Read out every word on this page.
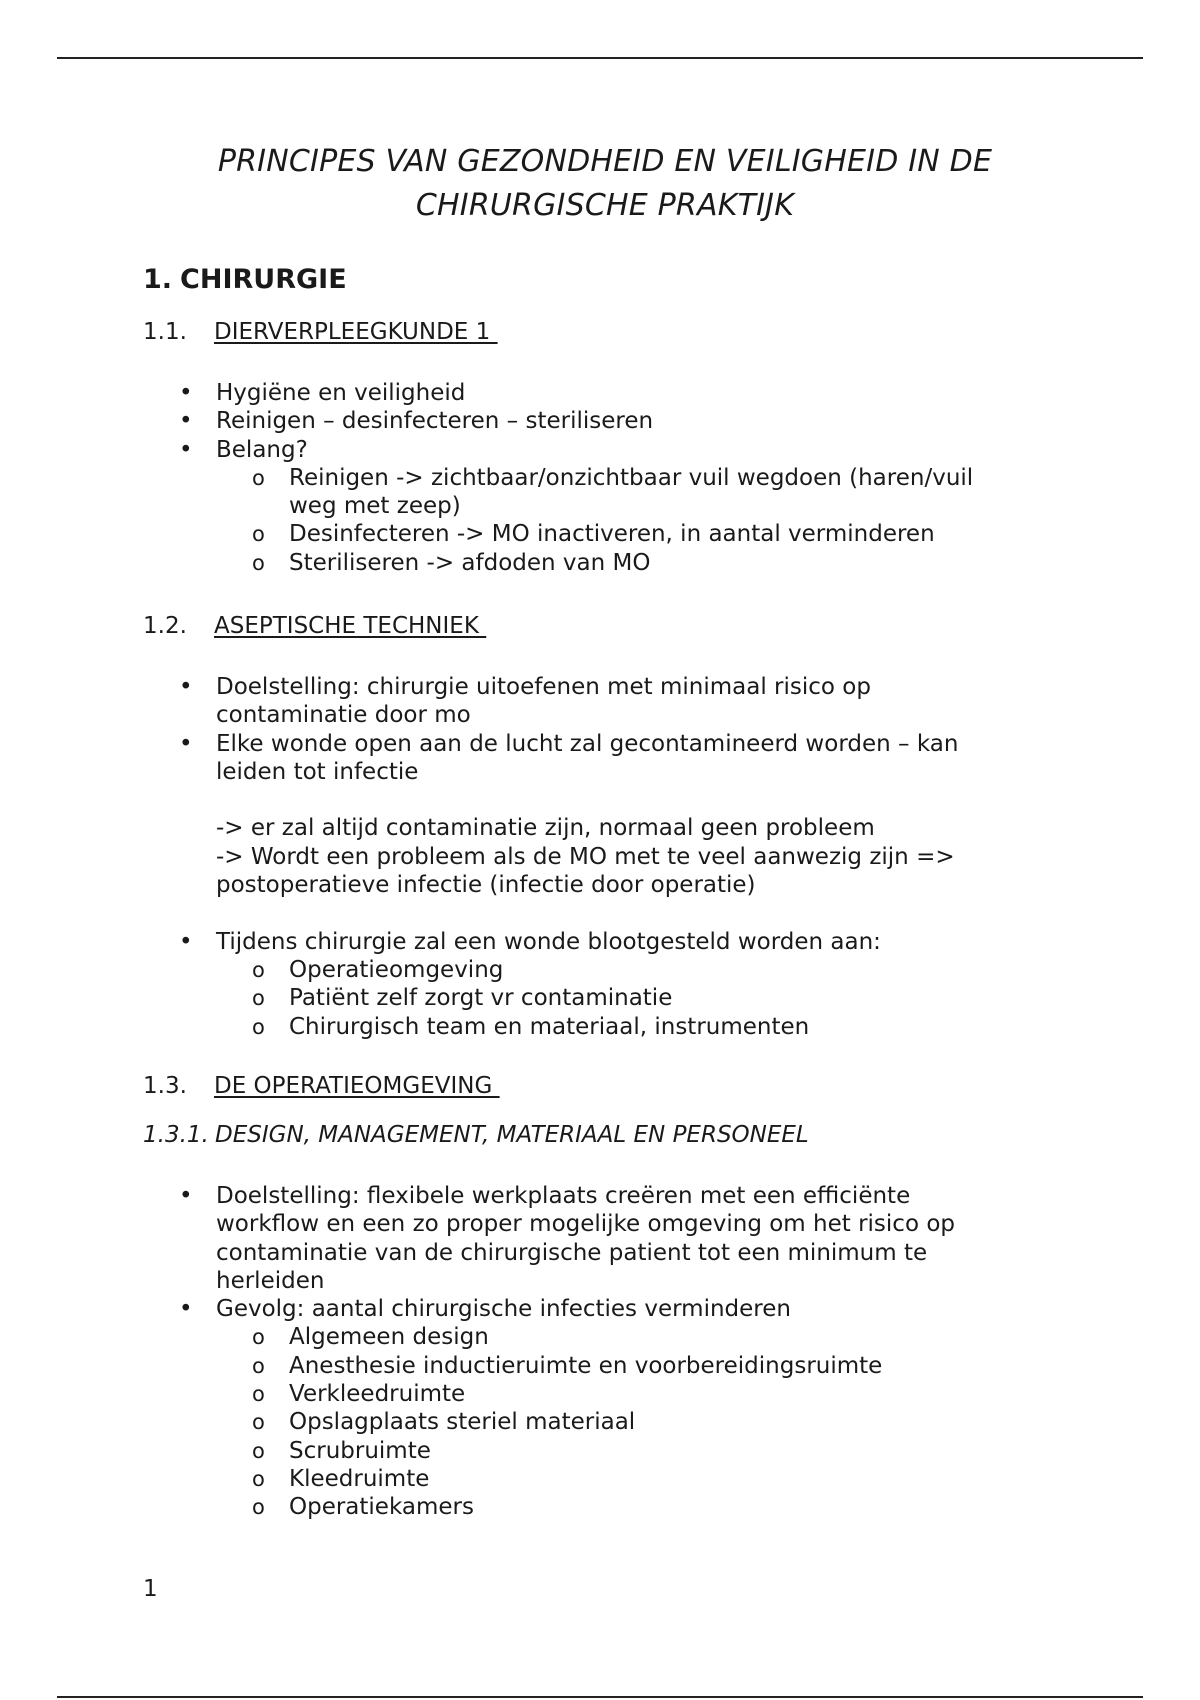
PRINCIPES VAN GEZONDHEID EN VEILIGHEID IN DE
CHIRURGISCHE PRAKTIJK
1. CHIRURGIE
1.1. DIERVERPLEEGKUNDE 1
• Hygiëne en veiligheid
• Reinigen – desinfecteren – steriliseren
• Belang?
o Reinigen -> zichtbaar/onzichtbaar vuil wegdoen (haren/vuil weg met zeep)
o Desinfecteren -> MO inactiveren, in aantal verminderen
o Steriliseren -> afdoden van MO
1.2. ASEPTISCHE TECHNIEK
• Doelstelling: chirurgie uitoefenen met minimaal risico op contaminatie door mo
• Elke wonde open aan de lucht zal gecontamineerd worden – kan leiden tot infectie
-> er zal altijd contaminatie zijn, normaal geen probleem
-> Wordt een probleem als de MO met te veel aanwezig zijn => postoperatieve infectie (infectie door operatie)
• Tijdens chirurgie zal een wonde blootgesteld worden aan:
o Operatieomgeving
o Patiënt zelf zorgt vr contaminatie
o Chirurgisch team en materiaal, instrumenten
1.3. DE OPERATIEOMGEVING
1.3.1. DESIGN, MANAGEMENT, MATERIAAL EN PERSONEEL
• Doelstelling: flexibele werkplaats creëren met een efficiënte workflow en een zo proper mogelijke omgeving om het risico op contaminatie van de chirurgische patient tot een minimum te herleiden
• Gevolg: aantal chirurgische infecties verminderen
o Algemeen design
o Anesthesie inductieruimte en voorbereidingsruimte
o Verkleedruimte
o Opslagplaats steriel materiaal
o Scrubruimte
o Kleedruimte
o Operatiekamers
1
